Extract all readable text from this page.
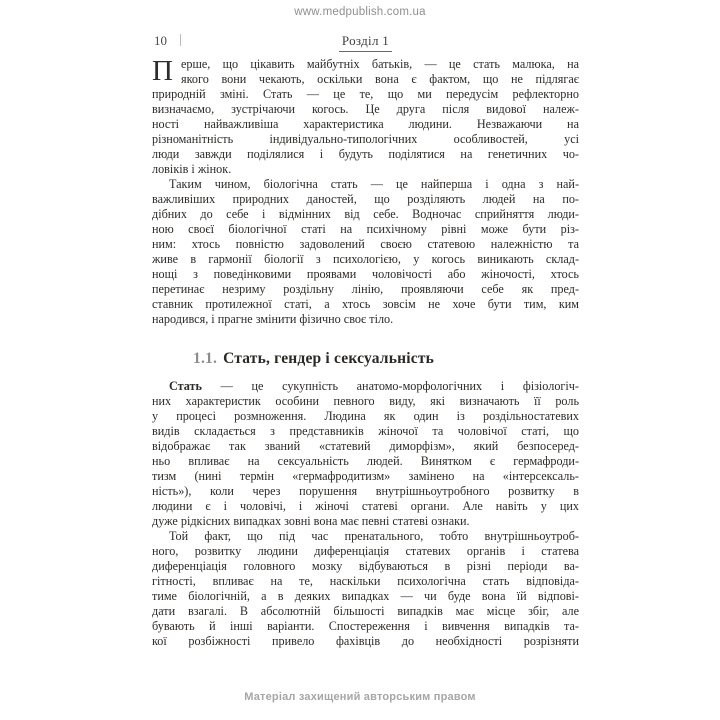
www.medpublish.com.ua
10	Розділ 1
П ерше, що цікавить майбутніх батьків, — це стать малюка, на
якого вони чекають, оскільки вона є фактом, що не підлягає
природній зміні. Стать — це те, що ми передусім рефлекторно
визначаємо, зустрічаючи когось. Це друга після видової належ-
ності найважливіша характеристика людини. Незважаючи на
різноманітність індивідуально-типологічних особливостей, усі
люди завжди поділялися і будуть поділятися на генетичних чо-
ловіків і жінок.
Таким чином, біологічна стать — це найперша і одна з най-
важливіших природних даностей, що розділяють людей на по-
дібних до себе і відмінних від себе. Водночас сприйняття люди-
ною своєї біологічної статі на психічному рівні може бути різ-
ним: хтось повністю задоволений своєю статевою належністю та
живе в гармонії біології з психологією, у когось виникають склад-
нощі з поведінковими проявами чоловічості або жіночості, хтось
перетинає незриму роздільну лінію, проявляючи себе як пред-
ставник протилежної статі, а хтось зовсім не хоче бути тим, ким
народився, і прагне змінити фізично своє тіло.
1.1. Стать, гендер і сексуальність
Стать — це сукупність анатомо-морфологічних і фізіологіч-
них характеристик особини певного виду, які визначають її роль
у процесі розмноження. Людина як один із роздільностатевих
видів складається з представників жіночої та чоловічої статі, що
відображає так званий «статевий диморфізм», який безпосеред-
ньо впливає на сексуальність людей. Винятком є гермафроди-
тизм (нині термін «гермафродитизм» замінено на «інтерсексаль-
ність»), коли через порушення внутрішньоутробного розвитку в
людини є і чоловічі, і жіночі статеві органи. Але навіть у цих
дуже рідкісних випадках зовні вона має певні статеві ознаки.
Той факт, що під час пренатального, тобто внутрішньоутроб-
ного, розвитку людини диференціація статевих органів і статева
диференціація головного мозку відбуваються в різні періоди ва-
гітності, впливає на те, наскільки психологічна стать відповіда-
тиме біологічній, а в деяких випадках — чи буде вона їй відпові-
дати взагалі. В абсолютній більшості випадків має місце збіг, але
бувають й інші варіанти. Спостереження і вивчення випадків та-
кої розбіжності привело фахівців до необхідності розрізняти
Матеріал захищений авторським правом
